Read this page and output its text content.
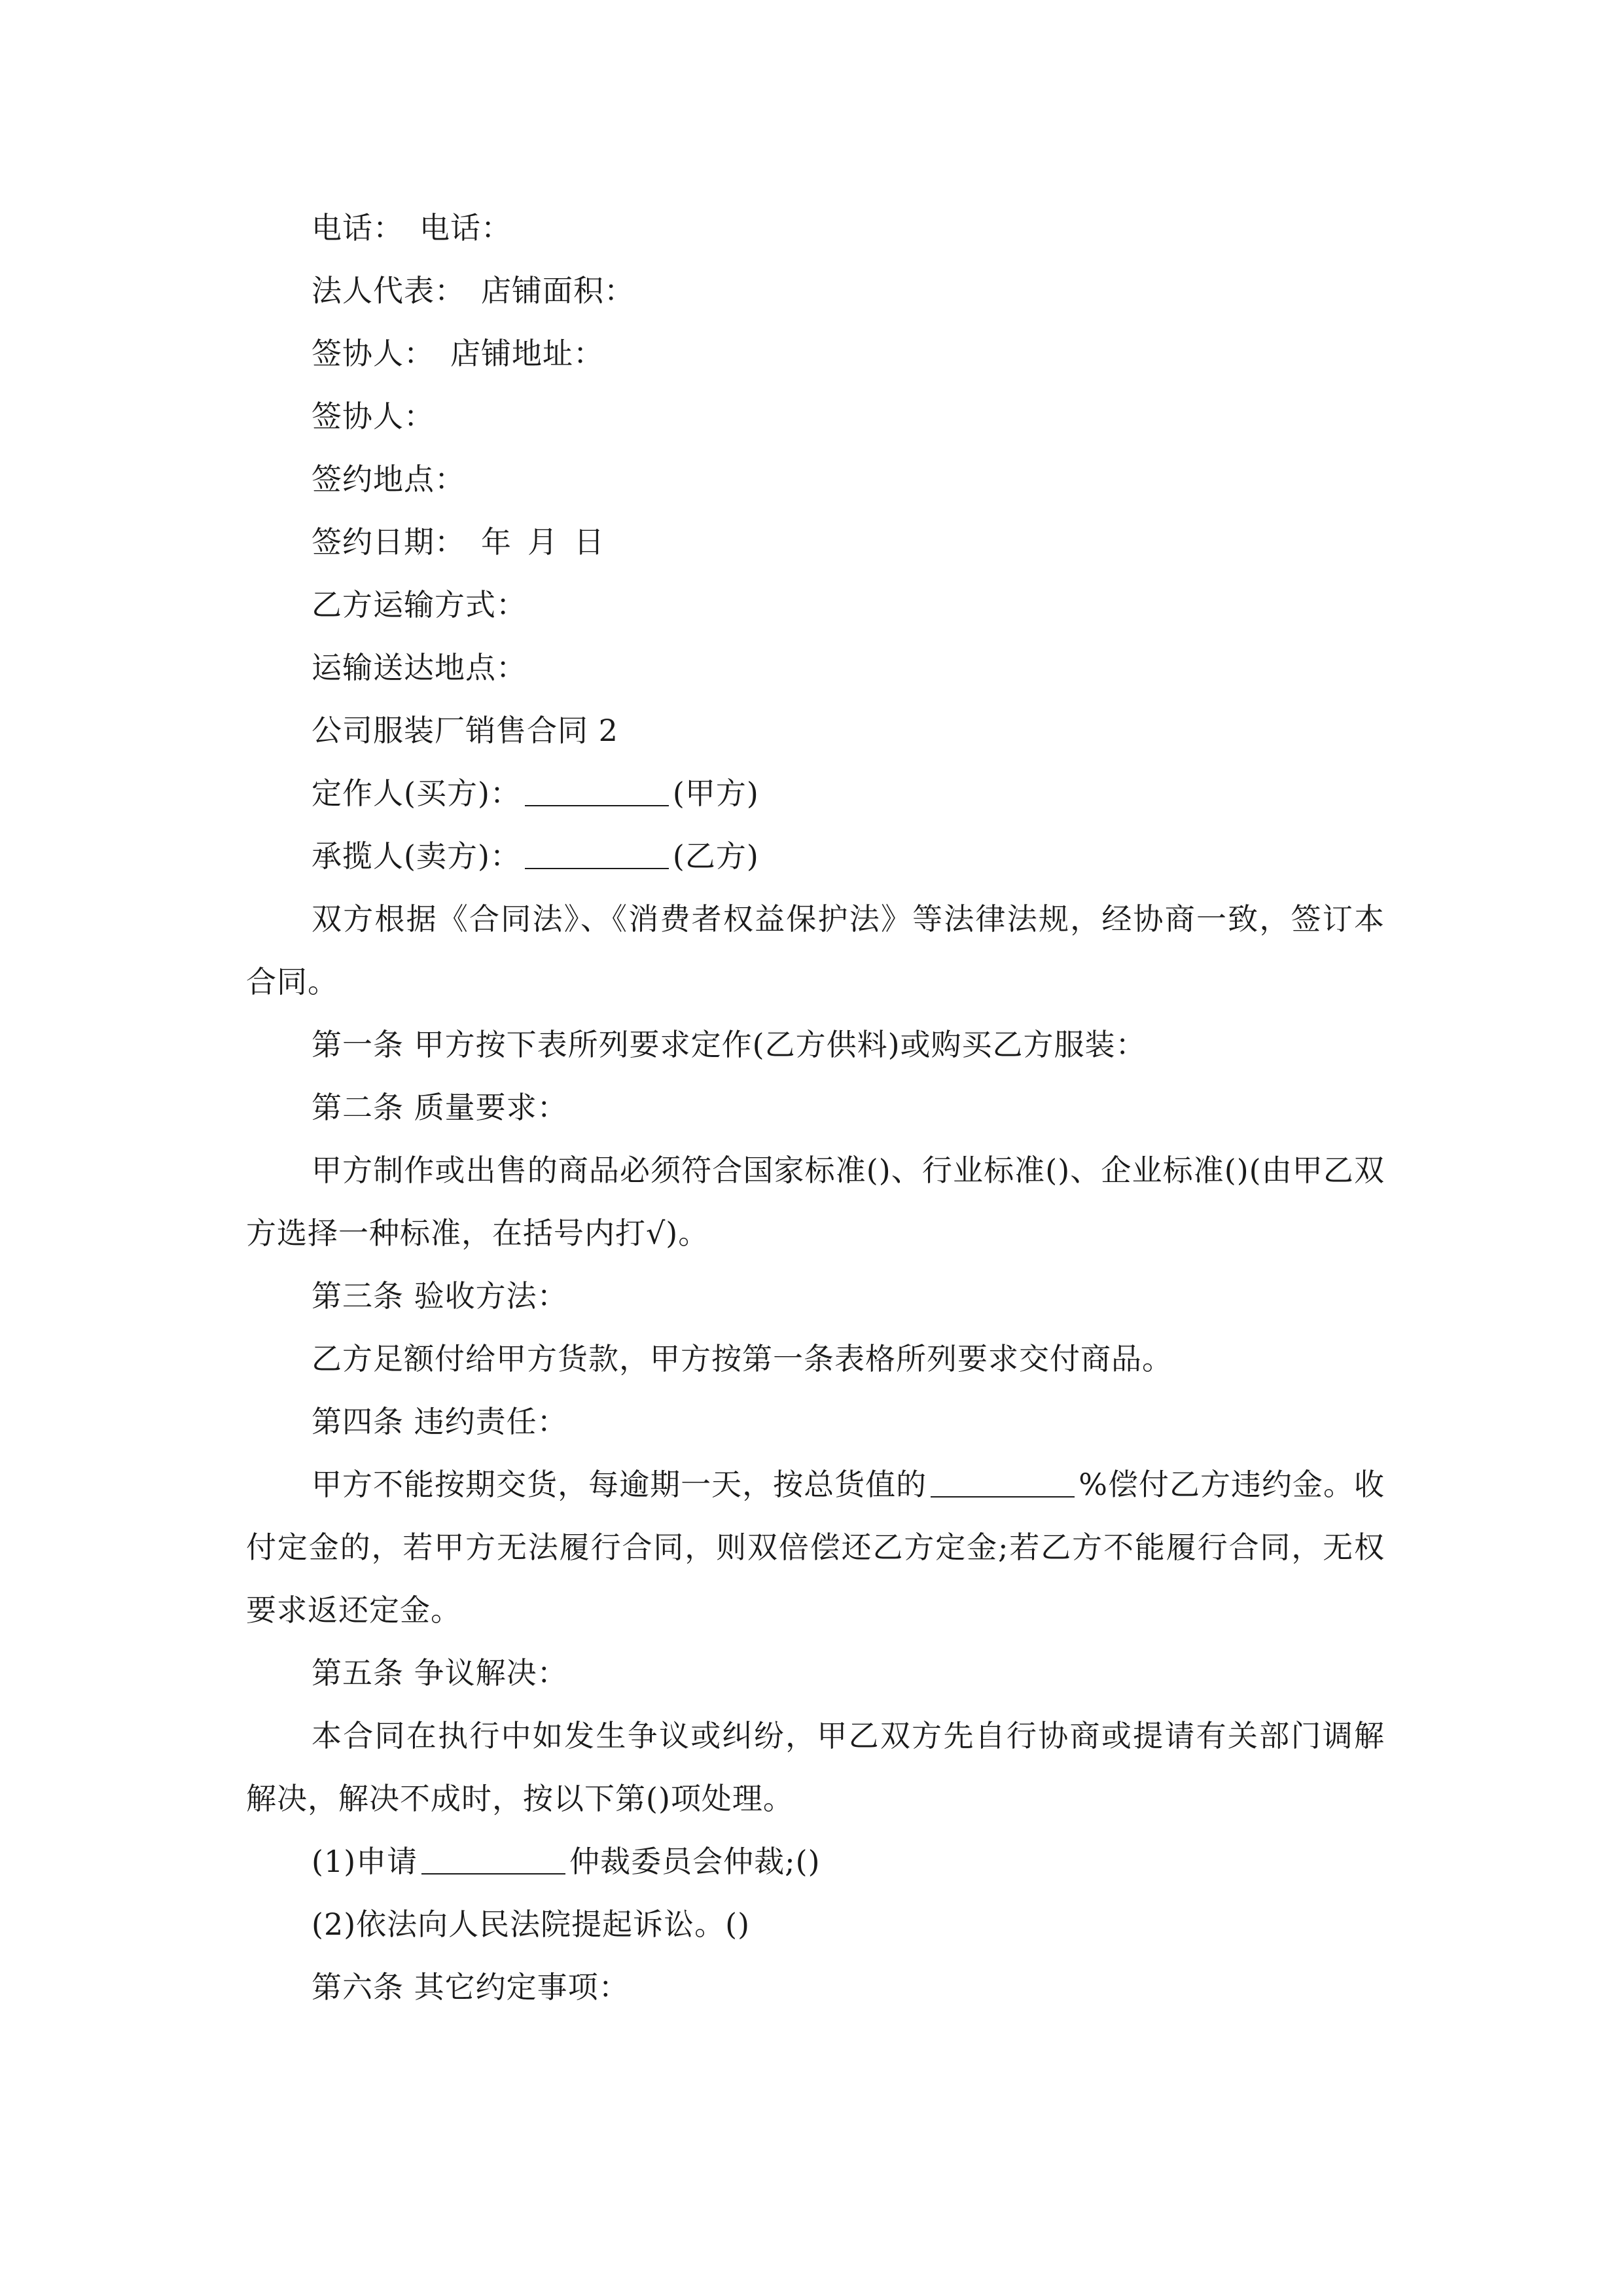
电话： 电话：

法人代表： 店铺面积：

签协人： 店铺地址：

签协人：

签约地点：

签约日期： 年 月 日

乙方运输方式：

运输送达地点：

公司服装厂销售合同 2

定作人(买方)：	(甲方)

承揽人(卖方)：	(乙方)

双方根据《合同法》、《消费者权益保护法》等法律法规，经协商一致，签订本合同。

第一条 甲方按下表所列要求定作(乙方供料)或购买乙方服装：

第二条 质量要求：

甲方制作或出售的商品必须符合国家标准()、行业标准()、企业标准()(由甲乙双方选择一种标准，在括号内打√)。

第三条 验收方法：

乙方足额付给甲方货款，甲方按第一条表格所列要求交付商品。

第四条 违约责任：

甲方不能按期交货，每逾期一天，按总货值的	%偿付乙方违约金。收付定金的，若甲方无法履行合同，则双倍偿还乙方定金;若乙方不能履行合同，无权要求返还定金。

第五条 争议解决：

本合同在执行中如发生争议或纠纷，甲乙双方先自行协商或提请有关部门调解解决，解决不成时，按以下第()项处理。

(1)申请	仲裁委员会仲裁;()

(2)依法向人民法院提起诉讼。()

第六条 其它约定事项：
